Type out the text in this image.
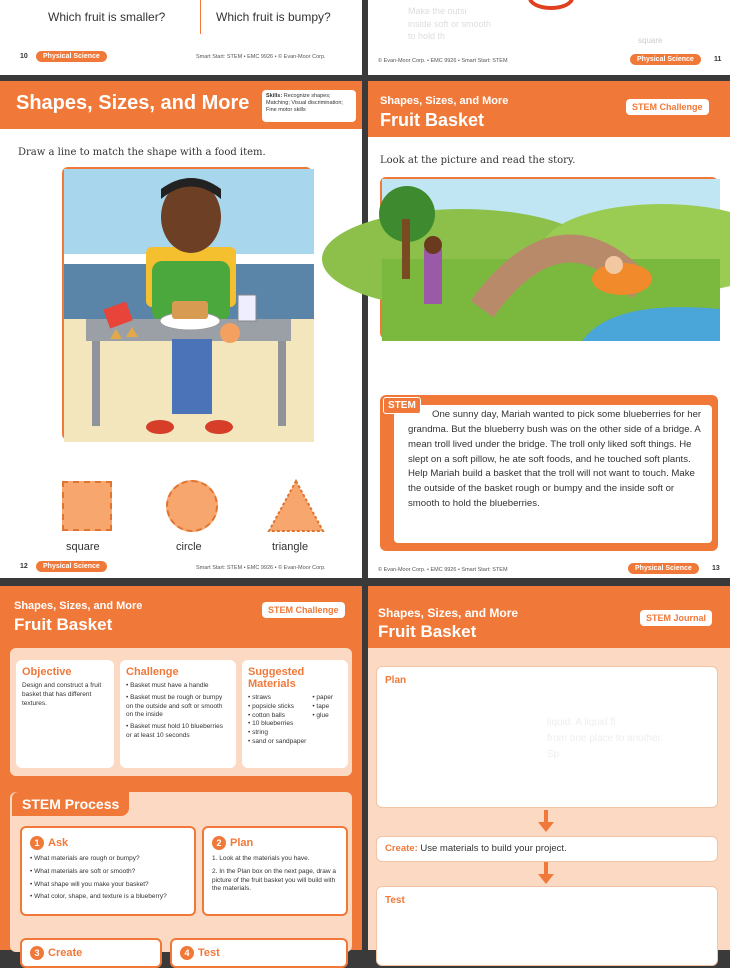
Which fruit is smaller?	Which fruit is bumpy?
10	Physical Science	Smart Start: STEM • EMC 9926 • © Evan-Moor Corp.
Make the outsi
inside soft or smooth
to hold th	square
© Evan-Moor Corp. • EMC 9926 • Smart Start: STEM	Physical Science	11
Shapes, Sizes, and More	Skills: Recognize shapes; Matching; Visual discrimination; Fine motor skills
Draw a line to match the shape with a food item.
square	circle	triangle
12	Physical Science	Smart Start: STEM • EMC 9926 • © Evan-Moor Corp.
Shapes, Sizes, and More
Fruit Basket
STEM Challenge
Look at the picture and read the story.
STEM
One sunny day, Mariah wanted to pick some blueberries for her grandma. But the blueberry bush was on the other side of a bridge. A mean troll lived under the bridge. The troll only liked soft things. He slept on a soft pillow, he ate soft foods, and he touched soft plants. Help Mariah build a basket that the troll will not want to touch. Make the outside of the basket rough or bumpy and the inside soft or smooth to hold the blueberries.
© Evan-Moor Corp. • EMC 9926 • Smart Start: STEM	Physical Science	13
Shapes, Sizes, and More
Fruit Basket
STEM Challenge
Objective

Design and construct a fruit basket that has different textures.

Challenge
• Basket must have a handle
• Basket must be rough or bumpy on the outside and soft or smooth on the inside
• Basket must hold 10 blueberries or at least 10 seconds
Suggested Materials
• straws
• popsicle sticks
• cotton balls
• 10 blueberries
• string
• sand or sandpaper
• paper
• tape
• glue
STEM Process
1 Ask
• What materials are rough or bumpy?
• What materials are soft or smooth?
• What shape will you make your basket?
• What color, shape, and texture is a blueberry?
2 Plan

1. Look at the materials you have.

2. In the Plan box on the next page, draw a picture of the fruit basket you will build with the materials.

3 Create	4 Test
Shapes, Sizes, and More
Fruit Basket
STEM Journal
Plan
liquid. A liquid fl
from one place to another.
Sp
Create: Use materials to build your project.
Test
